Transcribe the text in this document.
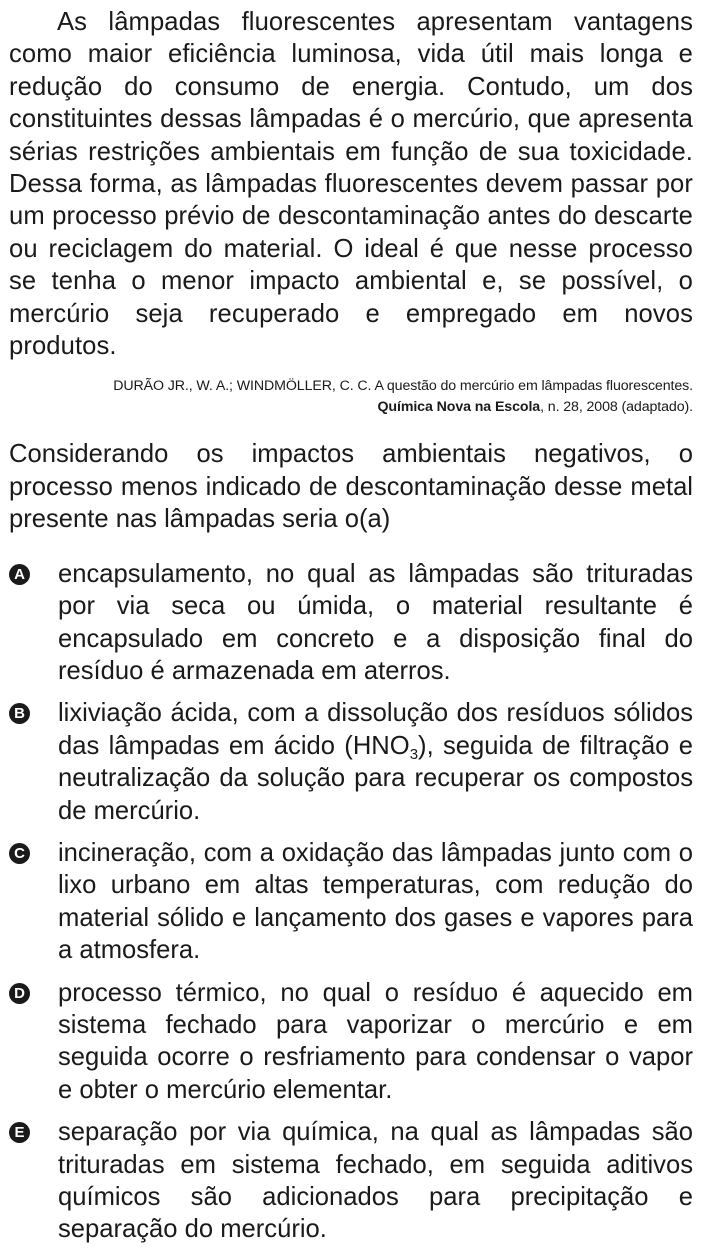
As lâmpadas fluorescentes apresentam vantagens como maior eficiência luminosa, vida útil mais longa e redução do consumo de energia. Contudo, um dos constituintes dessas lâmpadas é o mercúrio, que apresenta sérias restrições ambientais em função de sua toxicidade. Dessa forma, as lâmpadas fluorescentes devem passar por um processo prévio de descontaminação antes do descarte ou reciclagem do material. O ideal é que nesse processo se tenha o menor impacto ambiental e, se possível, o mercúrio seja recuperado e empregado em novos produtos.

DURÃO JR., W. A.; WINDMÖLLER, C. C. A questão do mercúrio em lâmpadas fluorescentes.
Química Nova na Escola, n. 28, 2008 (adaptado).
Considerando os impactos ambientais negativos, o processo menos indicado de descontaminação desse metal presente nas lâmpadas seria o(a)
A encapsulamento, no qual as lâmpadas são trituradas por via seca ou úmida, o material resultante é encapsulado em concreto e a disposição final do resíduo é armazenada em aterros.
B lixiviação ácida, com a dissolução dos resíduos sólidos das lâmpadas em ácido $(HNO_3)$, seguida de filtração e neutralização da solução para recuperar os compostos de mercúrio.
C incineração, com a oxidação das lâmpadas junto com o lixo urbano em altas temperaturas, com redução do material sólido e lançamento dos gases e vapores para a atmosfera.
D processo térmico, no qual o resíduo é aquecido em sistema fechado para vaporizar o mercúrio e em seguida ocorre o resfriamento para condensar o vapor e obter o mercúrio elementar.
E separação por via química, na qual as lâmpadas são trituradas em sistema fechado, em seguida aditivos químicos são adicionados para precipitação e separação do mercúrio.
